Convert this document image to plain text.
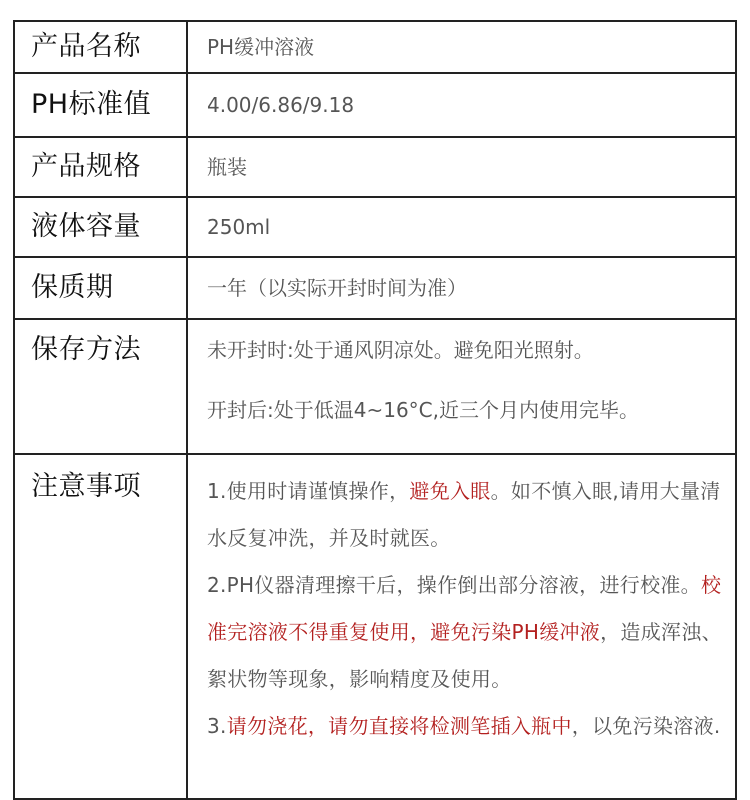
产品名称	PH缓冲溶液
PH标准值	4.00/6.86/9.18
产品规格	瓶装
液体容量	250ml
保质期	一年（以实际开封时间为准）
保存方法	未开封时:处于通风阴凉处。避免阳光照射。
开封后:处于低温4~16°C,近三个月内使用完毕。

注意事项	1.使用时请谨慎操作，避免入眼。如不慎入眼,请用大量清水反复冲洗，并及时就医。

2.PH仪器清理擦干后，操作倒出部分溶液，进行校准。校准完溶液不得重复使用，避免污染PH缓冲液，造成浑浊、絮状物等现象，影响精度及使用。

3.请勿浇花，请勿直接将检测笔插入瓶中，以免污染溶液.
